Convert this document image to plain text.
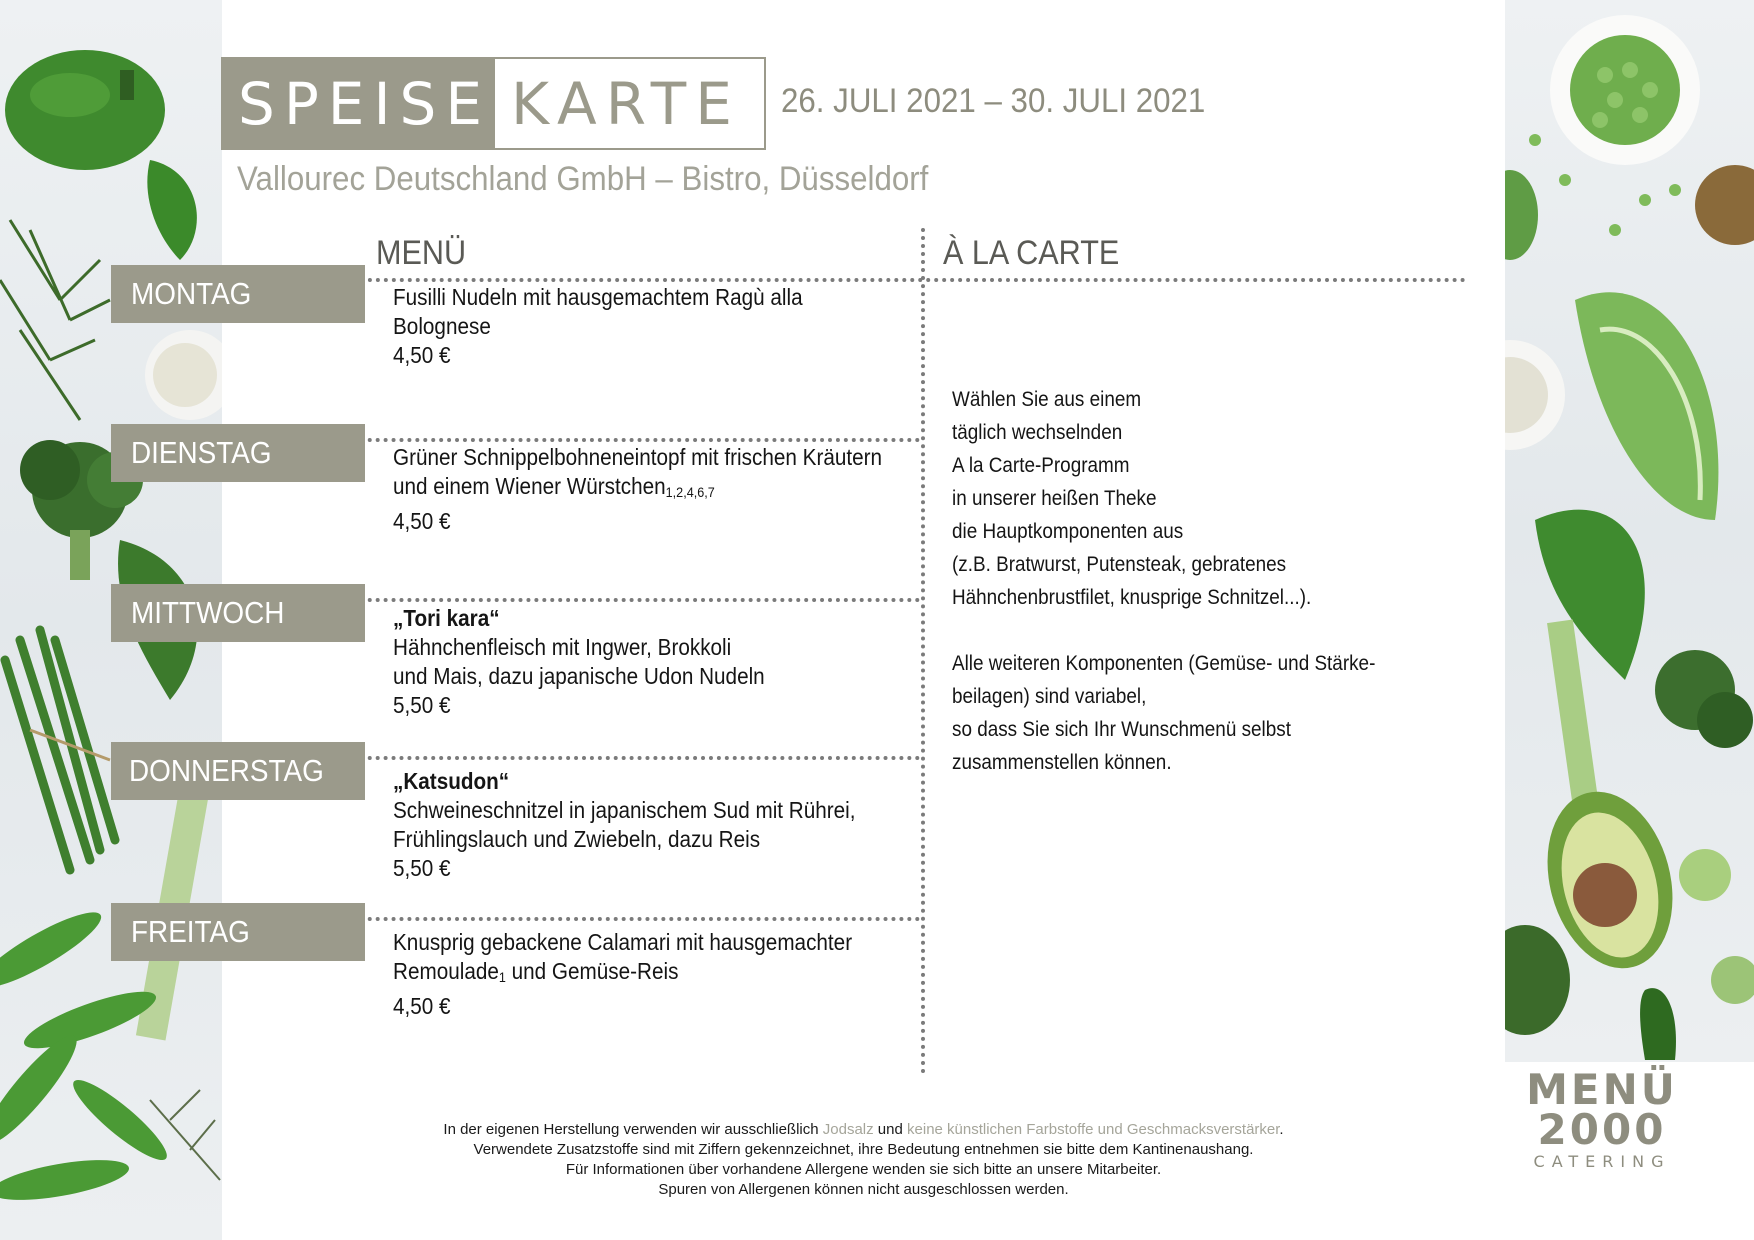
SPEISE KARTE	26. JULI 2021 – 30. JULI 2021
Vallourec Deutschland GmbH – Bistro, Düsseldorf
MENÜ	À LA CARTE
MONTAG
DIENSTAG
MITTWOCH
DONNERSTAG
FREITAG
Fusilli Nudeln mit hausgemachtem Ragù alla
Bolognese
4,50 €
Grüner Schnippelbohneneintopf mit frischen Kräutern
und einem Wiener Würstchen$_{1,2,4,6,7}$
4,50 €
„Tori kara“
Hähnchenfleisch mit Ingwer, Brokkoli
und Mais, dazu japanische Udon Nudeln
5,50 €
„Katsudon“
Schweineschnitzel in japanischem Sud mit Rührei,
Frühlingslauch und Zwiebeln, dazu Reis
5,50 €
Knusprig gebackene Calamari mit hausgemachter
Remoulade$_1$ und Gemüse-Reis
4,50 €
Wählen Sie aus einem
täglich wechselnden
A la Carte-Programm
in unserer heißen Theke
die Hauptkomponenten aus
(z.B. Bratwurst, Putensteak, gebratenes
Hähnchenbrustfilet, knusprige Schnitzel...).
Alle weiteren Komponenten (Gemüse- und Stärke-
beilagen) sind variabel,
so dass Sie sich Ihr Wunschmenü selbst
zusammenstellen können.
In der eigenen Herstellung verwenden wir ausschließlich Jodsalz und keine künstlichen Farbstoffe und Geschmacksverstärker.
Verwendete Zusatzstoffe sind mit Ziffern gekennzeichnet, ihre Bedeutung entnehmen sie bitte dem Kantinenaushang.
Für Informationen über vorhandene Allergene wenden sie sich bitte an unsere Mitarbeiter.
Spuren von Allergenen können nicht ausgeschlossen werden.
MENÜ
2000
CATERING
